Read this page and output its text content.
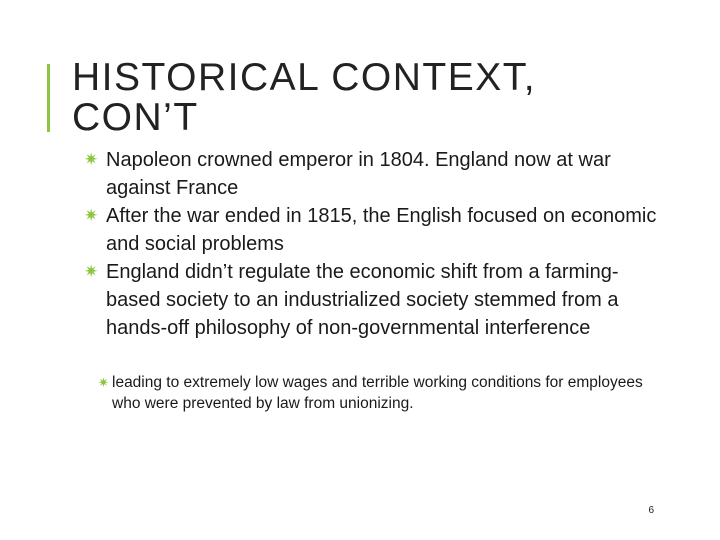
HISTORICAL CONTEXT,
CON’T
✷ Napoleon crowned emperor in 1804. England now at war against France
✷ After the war ended in 1815, the English focused on economic and social problems
✷ England didn’t regulate the economic shift from a farming-based society to an industrialized society stemmed from a hands-off philosophy of non-governmental interference
✷ leading to extremely low wages and terrible working conditions for employees who were prevented by law from unionizing.
6
